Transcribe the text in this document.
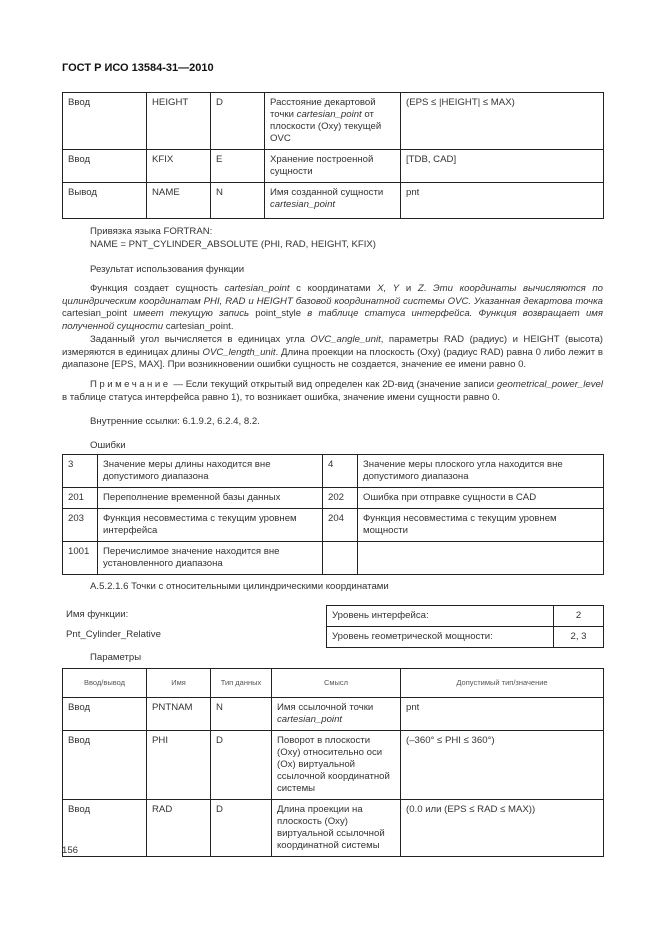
ГОСТ Р ИСО 13584-31—2010
Ввод	HEIGHT	D	Расстояние декартовой точки cartesian_point от плоскости (Oxy) текущей OVC	(EPS ≤ |HEIGHT| ≤ MAX)
Ввод	KFIX	E	Хранение построенной сущности	[TDB, CAD]
Вывод	NAME	N	Имя созданной сущности cartesian_point	pnt
Привязка языка FORTRAN:
NAME = PNT_CYLINDER_ABSOLUTE (PHI, RAD, HEIGHT, KFIX)
Результат использования функции
Функция создает сущность cartesian_point с координатами X, Y и Z. Эти координаты вычисляются по цилиндрическим координатам PHI, RAD и HEIGHT базовой координатной системы OVC. Указанная декартова точка cartesian_point имеет текущую запись point_style в таблице статуса интерфейса. Функция возвращает имя полученной сущности cartesian_point.
Заданный угол вычисляется в единицах угла OVC_angle_unit, параметры RAD (радиус) и HEIGHT (высота) измеряются в единицах длины OVC_length_unit. Длина проекции на плоскость (Oxy) (радиус RAD) равна 0 либо лежит в диапазоне [EPS, MAX]. При возникновении ошибки сущность не создается, значение ее имени равно 0.
Примечание — Если текущий открытый вид определен как 2D-вид (значение записи geometrical_power_level в таблице статуса интерфейса равно 1), то возникает ошибка, значение имени сущности равно 0.
Внутренние ссылки: 6.1.9.2, 6.2.4, 8.2.
Ошибки
3	Значение меры длины находится вне допустимого диапазона	4	Значение меры плоского угла находится вне допустимого диапазона
201	Переполнение временной базы данных	202	Ошибка при отправке сущности в CAD
203	Функция несовместима с текущим уровнем интерфейса	204	Функция несовместима с текущим уровнем мощности
1001	Перечислимое значение находится вне установленного диапазона		
A.5.2.1.6 Точки с относительными цилиндрическими координатами
Имя функции:
Pnt_Cylinder_Relative
Уровень интерфейса:	2
Уровень геометрической мощности:	2, 3
Параметры
Ввод/вывод	Имя	Тип данных	Смысл	Допустимый тип/значение
Ввод	PNTNAM	N	Имя ссылочной точки cartesian_point	pnt
Ввод	PHI	D	Поворот в плоскости (Oxy) относительно оси (Ox) виртуальной ссылочной координатной системы	(–360° ≤ PHI ≤ 360°)
Ввод	RAD	D	Длина проекции на плоскость (Oxy) виртуальной ссылочной координатной системы	(0.0 или (EPS ≤ RAD ≤ MAX))
156
